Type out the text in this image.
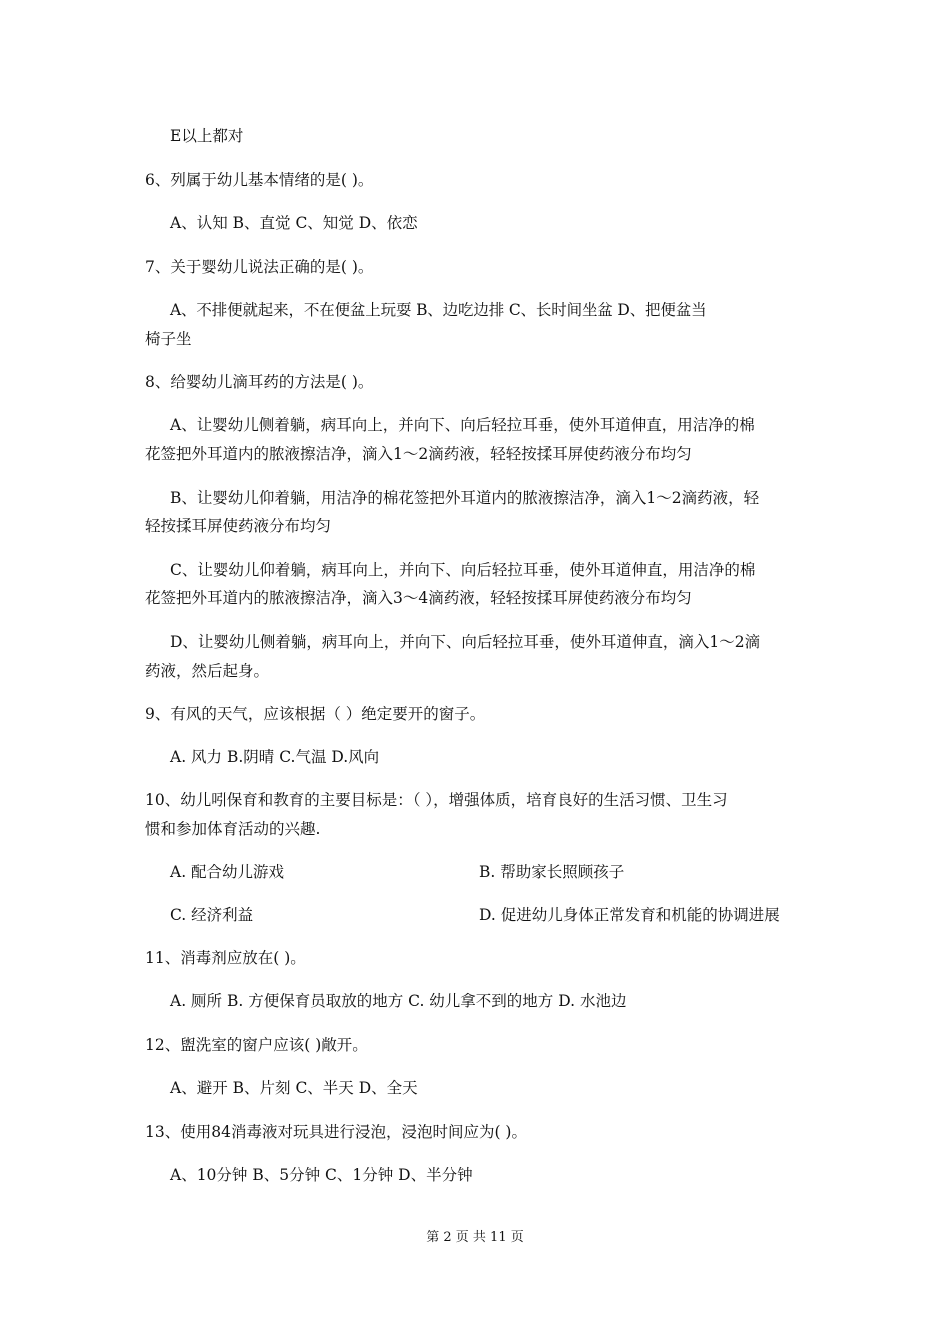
E以上都对
6、列属于幼儿基本情绪的是( )。
A、认知 B、直觉 C、知觉 D、依恋
7、关于婴幼儿说法正确的是( )。
A、不排便就起来，不在便盆上玩耍 B、边吃边排 C、长时间坐盆 D、把便盆当
椅子坐
8、给婴幼儿滴耳药的方法是( )。
A、让婴幼儿侧着躺，病耳向上，并向下、向后轻拉耳垂，使外耳道伸直，用洁净的棉
花签把外耳道内的脓液擦洁净，滴入1～2滴药液，轻轻按揉耳屏使药液分布均匀
B、让婴幼儿仰着躺，用洁净的棉花签把外耳道内的脓液擦洁净，滴入1～2滴药液，轻
轻按揉耳屏使药液分布均匀
C、让婴幼儿仰着躺，病耳向上，并向下、向后轻拉耳垂，使外耳道伸直，用洁净的棉
花签把外耳道内的脓液擦洁净，滴入3～4滴药液，轻轻按揉耳屏使药液分布均匀
D、让婴幼儿侧着躺，病耳向上，并向下、向后轻拉耳垂，使外耳道伸直，滴入1～2滴
药液，然后起身。
9、有风的天气，应该根据（ ）绝定要开的窗子。
A. 风力 B.阴晴 C.气温 D.风向
10、幼儿吲保育和教育的主要目标是：（ ），增强体质，培育良好的生活习惯、卫生习
惯和参加体育活动的兴趣.
A. 配合幼儿游戏	B. 帮助家长照顾孩子
C. 经济利益	D. 促进幼儿身体正常发育和机能的协调进展
11、消毒剂应放在( )。
A. 厕所 B. 方便保育员取放的地方 C. 幼儿拿不到的地方 D. 水池边
12、盥洗室的窗户应该( )敞开。
A、避开 B、片刻 C、半天 D、全天
13、使用84消毒液对玩具进行浸泡，浸泡时间应为( )。
A、10分钟 B、5分钟 C、1分钟 D、半分钟
第 2 页 共 11 页
